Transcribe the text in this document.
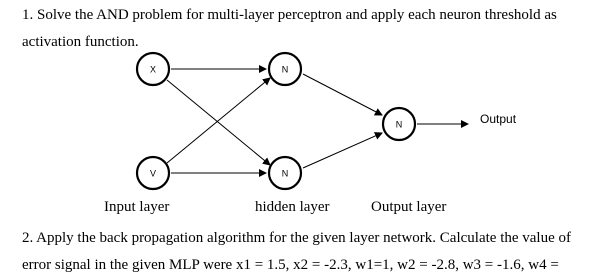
1. Solve the AND problem for multi-layer perceptron and apply each neuron threshold as
activation function.
X
V
N
N
N	Output
Input layer	hidden layer	Output layer
2. Apply the back propagation algorithm for the given layer network. Calculate the value of
error signal in the given MLP were x1 = 1.5, x2 = -2.3, w1=1, w2 = -2.8, w3 = -1.6, w4 =
